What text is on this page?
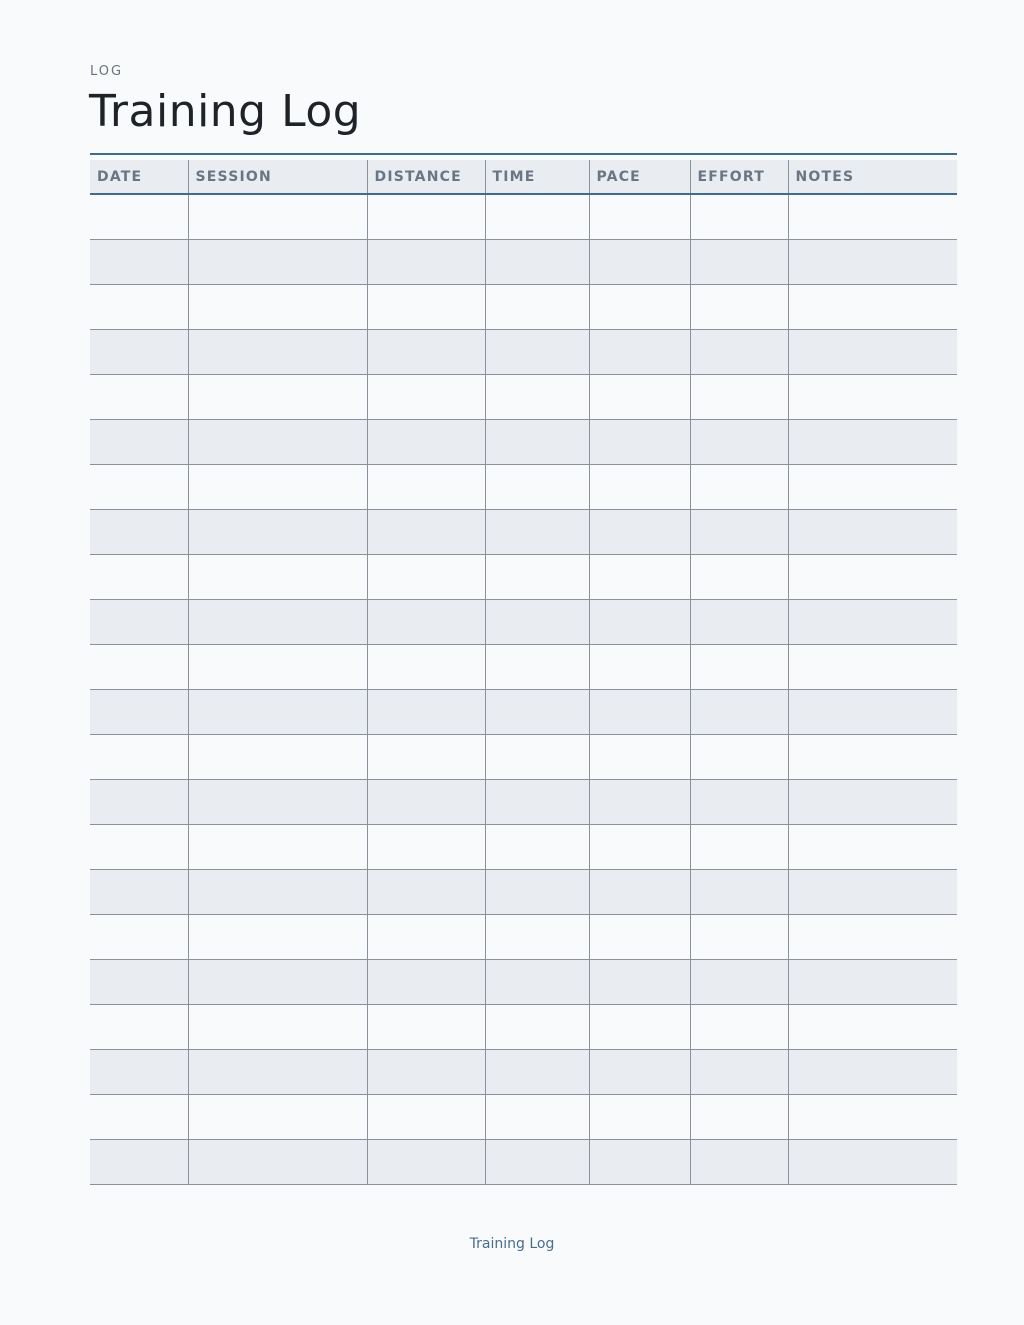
LOG
Training Log
DATE	SESSION	DISTANCE	TIME	PACE	EFFORT	NOTES

Training Log
